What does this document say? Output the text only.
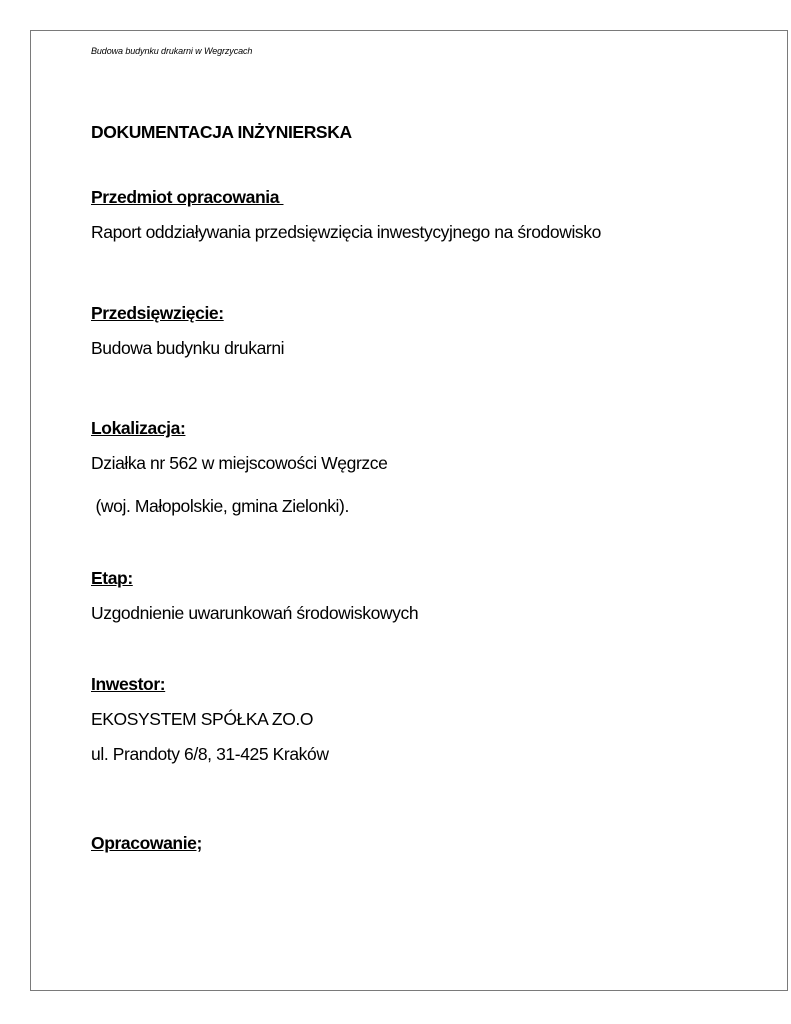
Budowa budynku drukarni w Wegrzycach
DOKUMENTACJA INŻYNIERSKA
Przedmiot opracowania
Raport oddziaływania przedsięwzięcia inwestycyjnego na środowisko
Przedsięwzięcie:
Budowa budynku drukarni
Lokalizacja:
Działka nr 562 w miejscowości Węgrzce
(woj. Małopolskie, gmina Zielonki).
Etap:
Uzgodnienie uwarunkowań środowiskowych
Inwestor:
EKOSYSTEM SPÓŁKA ZO.O
ul. Prandoty 6/8, 31-425 Kraków
Opracowanie;
